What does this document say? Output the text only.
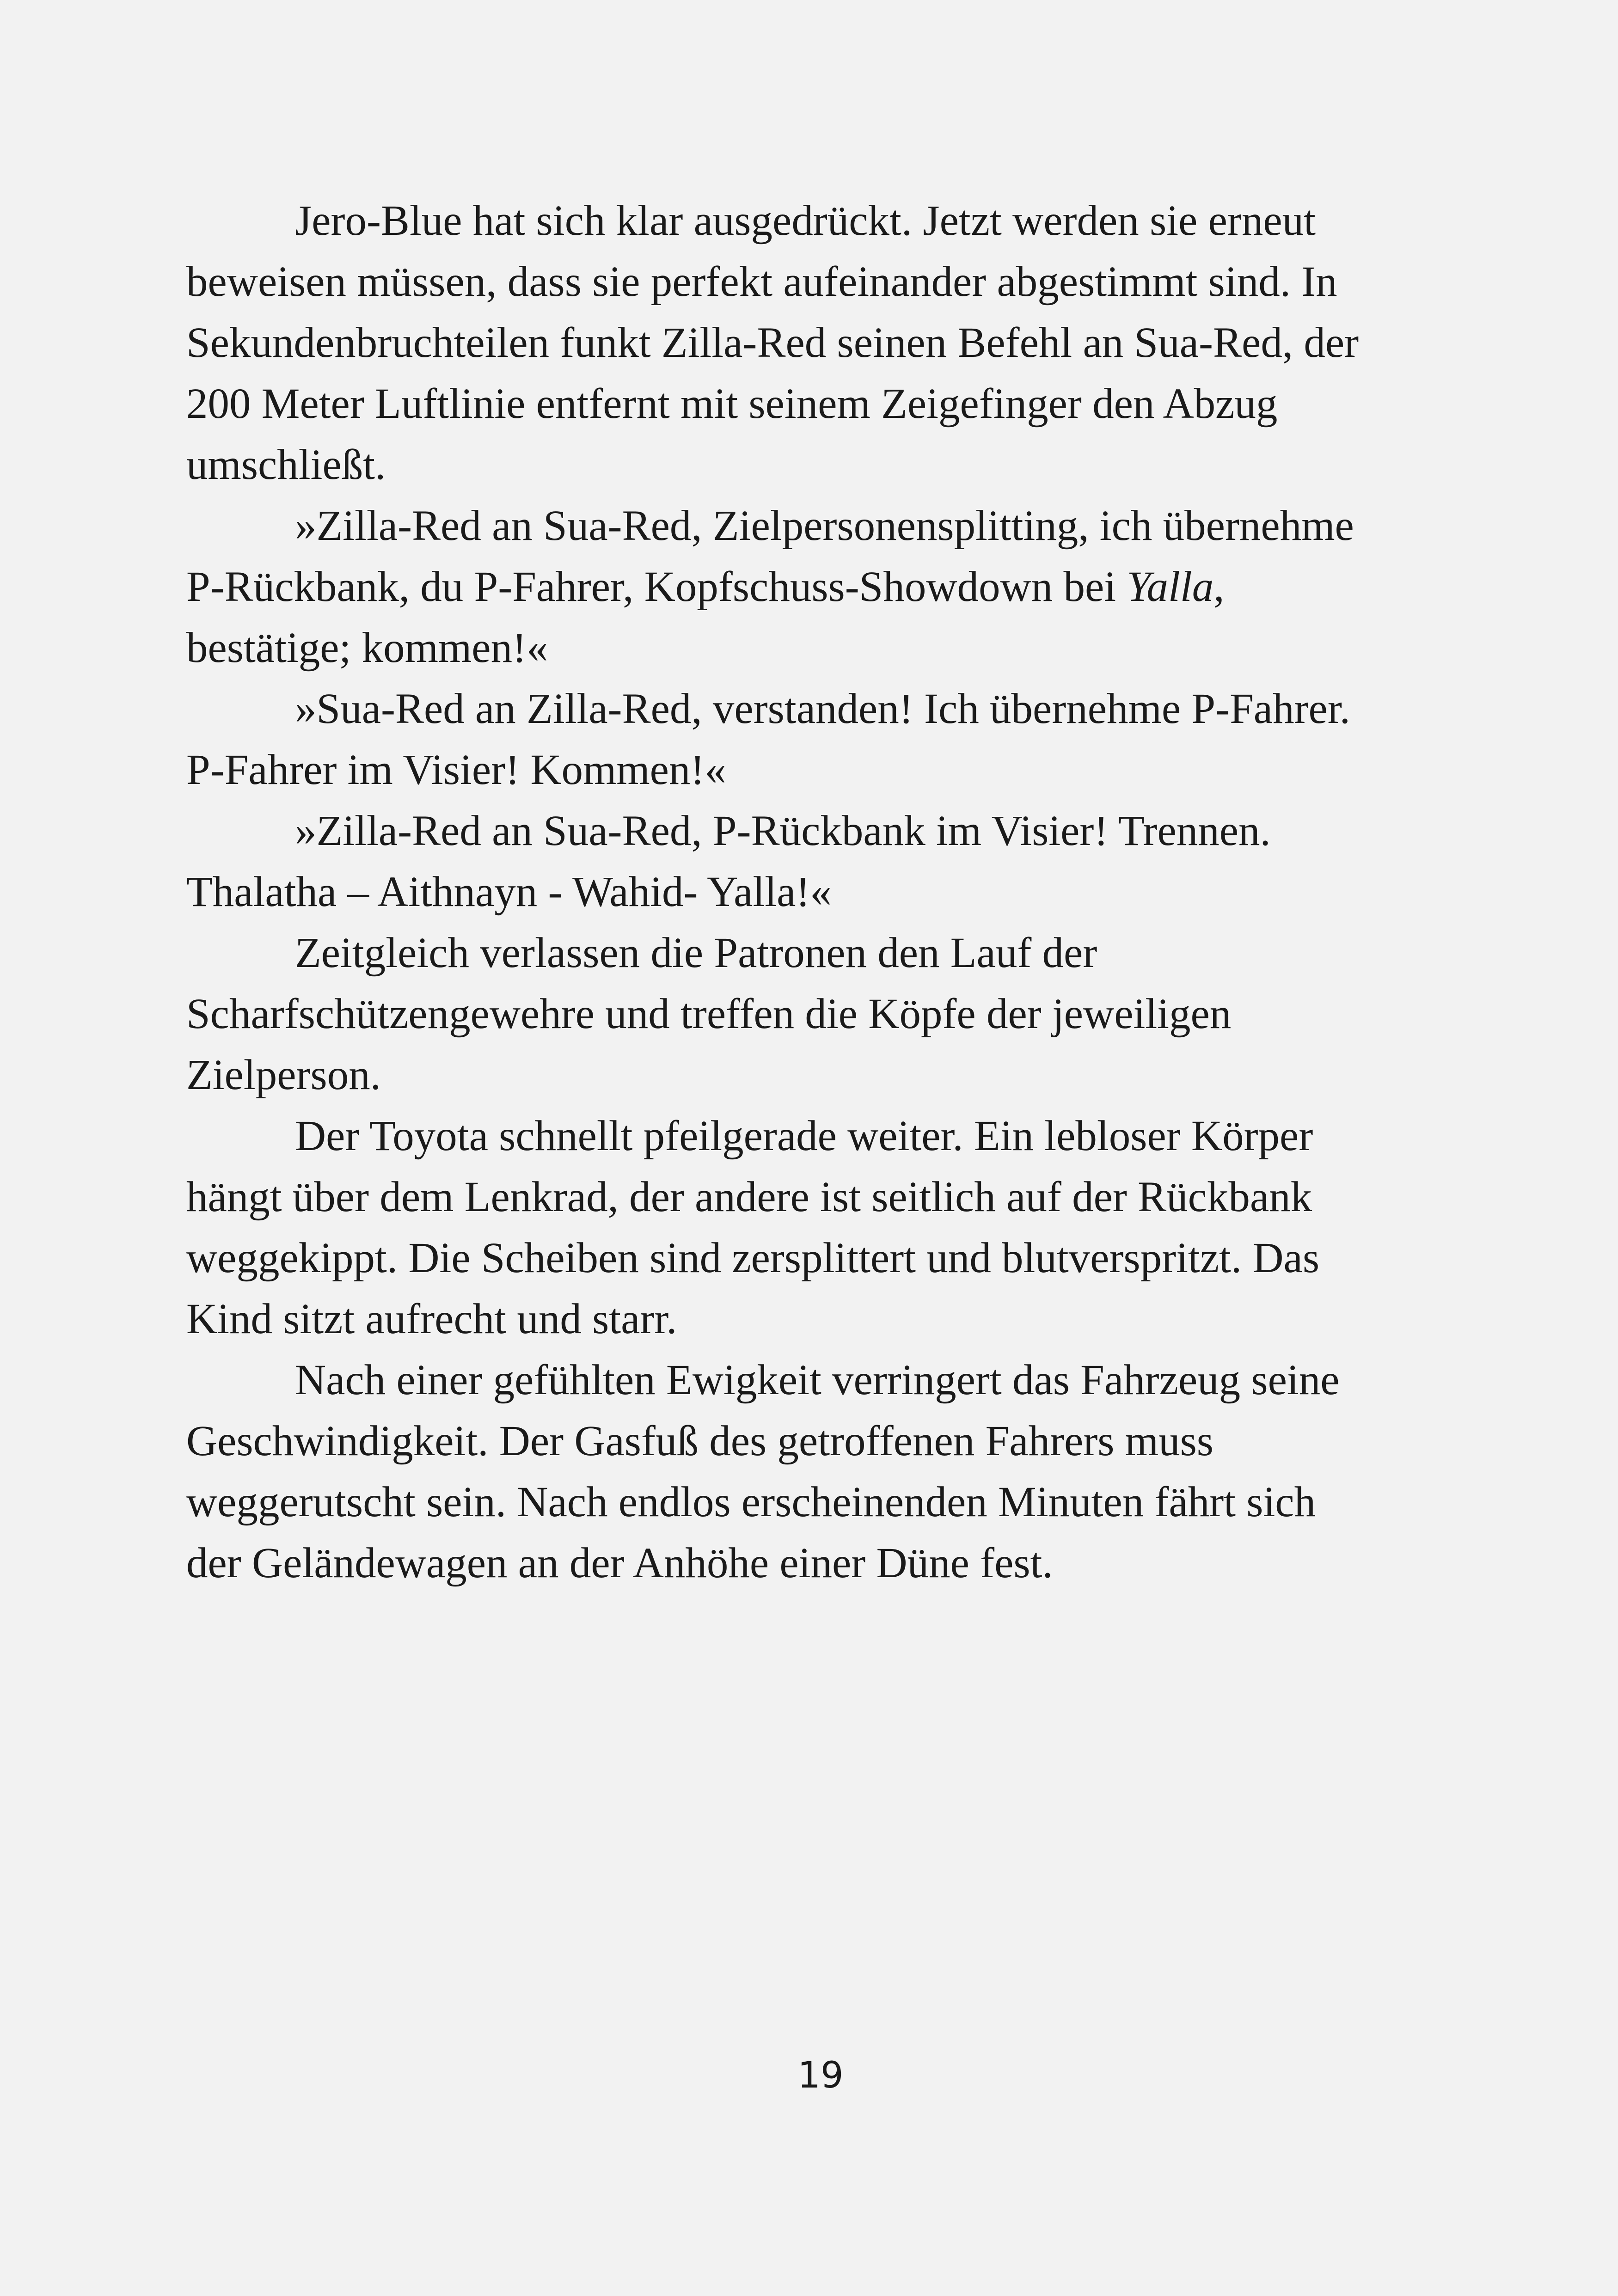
Jero-Blue hat sich klar ausgedrückt. Jetzt werden sie erneut
beweisen müssen, dass sie perfekt aufeinander abgestimmt sind. In
Sekundenbruchteilen funkt Zilla-Red seinen Befehl an Sua-Red, der
200 Meter Luftlinie entfernt mit seinem Zeigefinger den Abzug
umschließt.

»Zilla-Red an Sua-Red, Zielpersonensplitting, ich übernehme
P-Rückbank, du P-Fahrer, Kopfschuss-Showdown bei Yalla,
bestätige; kommen!«

»Sua-Red an Zilla-Red, verstanden! Ich übernehme P-Fahrer.
P-Fahrer im Visier! Kommen!«

»Zilla-Red an Sua-Red, P-Rückbank im Visier! Trennen.
Thalatha – Aithnayn - Wahid- Yalla!«

Zeitgleich verlassen die Patronen den Lauf der
Scharfschützengewehre und treffen die Köpfe der jeweiligen
Zielperson.

Der Toyota schnellt pfeilgerade weiter. Ein lebloser Körper
hängt über dem Lenkrad, der andere ist seitlich auf der Rückbank
weggekippt. Die Scheiben sind zersplittert und blutverspritzt. Das
Kind sitzt aufrecht und starr.

Nach einer gefühlten Ewigkeit verringert das Fahrzeug seine
Geschwindigkeit. Der Gasfuß des getroffenen Fahrers muss
weggerutscht sein. Nach endlos erscheinenden Minuten fährt sich
der Geländewagen an der Anhöhe einer Düne fest.

19
